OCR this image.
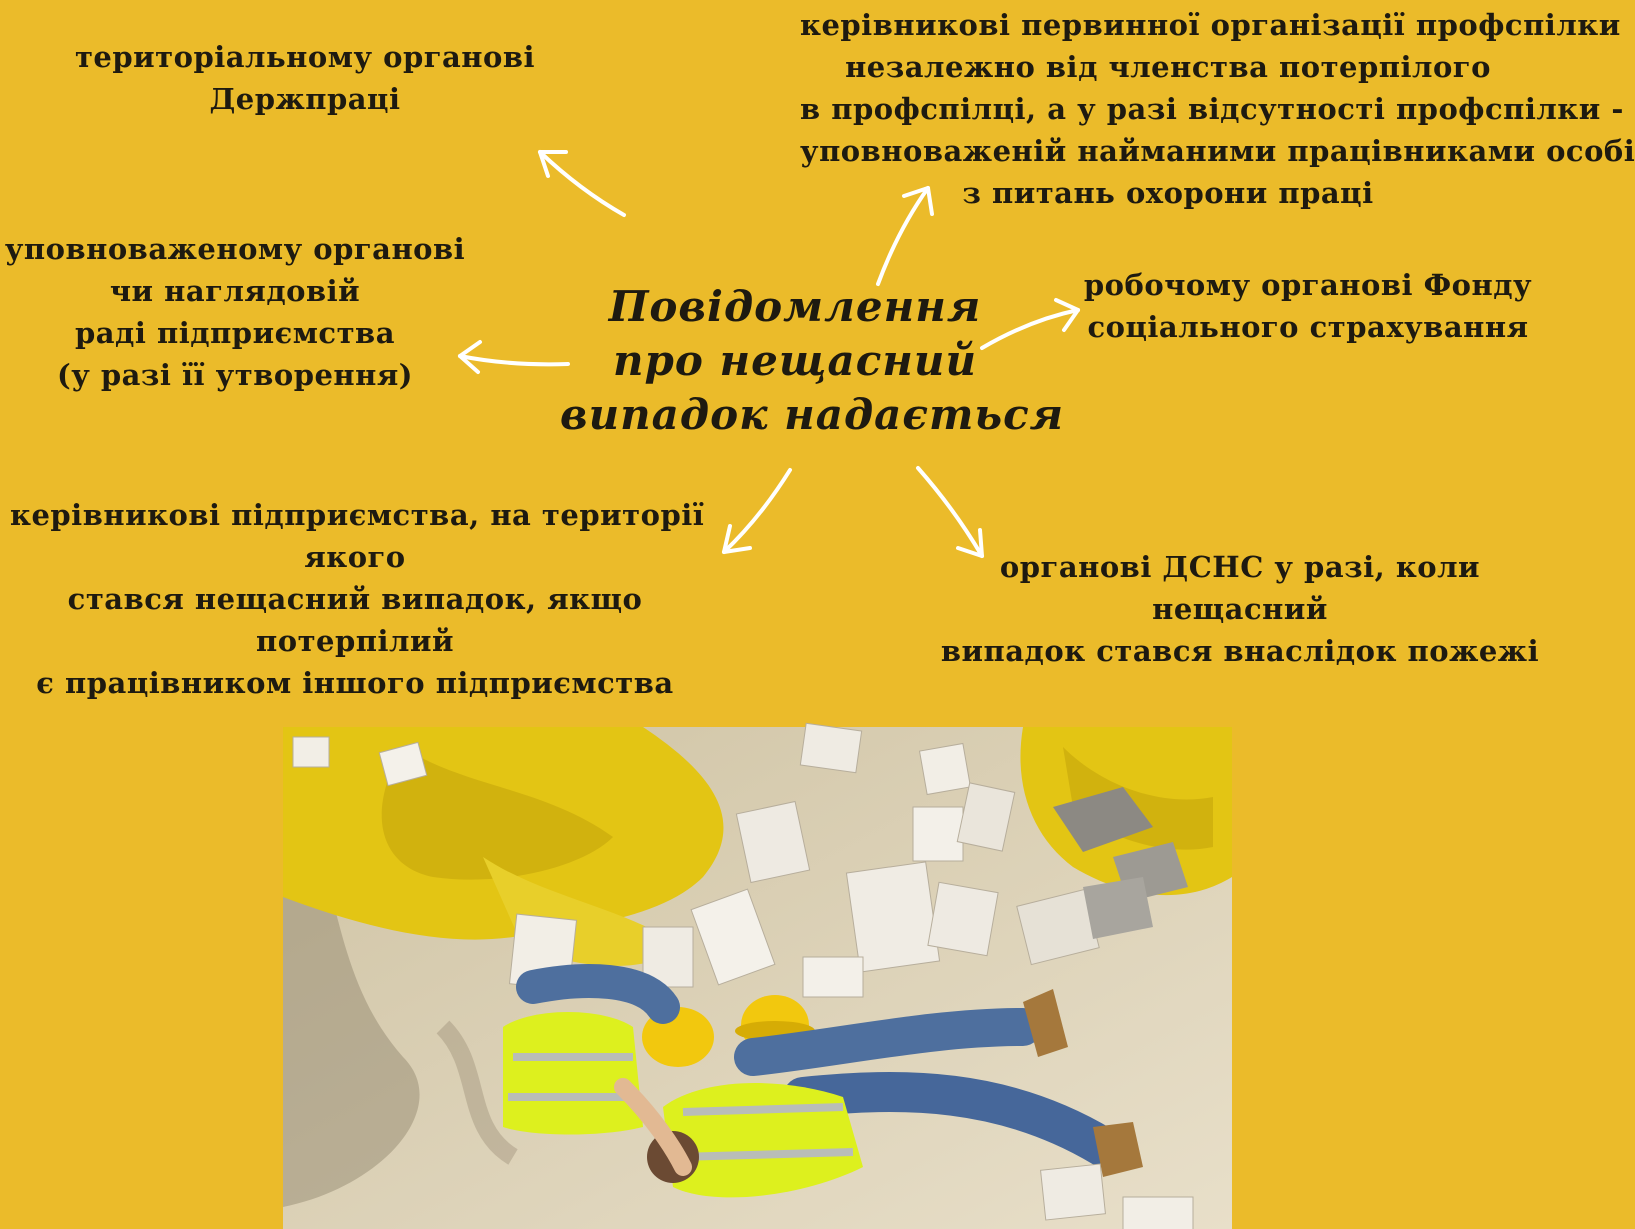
Повідомлення
про нещасний
випадок надається
територіальному органові
Держпраці
керівникові первинної організації профспілки
незалежно від членства потерпілого
в профспілці, а у разі відсутності профспілки -
уповноваженій найманими працівниками особі
з питань охорони праці
робочому органові Фонду
соціального страхування
уповноваженому органові
чи наглядовій
раді підприємства
(у разі її утворення)
керівникові підприємства, на території
якого
стався нещасний випадок, якщо
потерпілий
є працівником іншого підприємства
органові ДСНС у разі, коли
нещасний
випадок стався внаслідок пожежі
